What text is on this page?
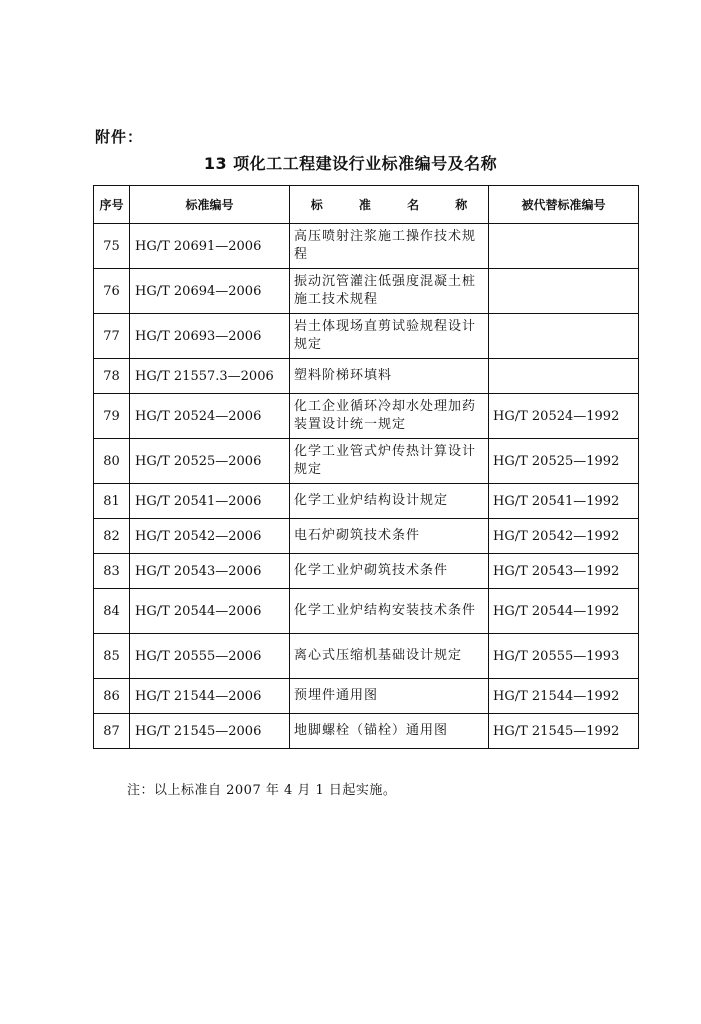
附件：
13 项化工工程建设行业标准编号及名称
序号	标准编号	标 准 名 称	被代替标准编号
75	HG/T 20691—2006	高压喷射注浆施工操作技术规程	
76	HG/T 20694—2006	振动沉管灌注低强度混凝土桩施工技术规程	
77	HG/T 20693—2006	岩土体现场直剪试验规程设计规定	
78	HG/T 21557.3—2006	塑料阶梯环填料	
79	HG/T 20524—2006	化工企业循环冷却水处理加药装置设计统一规定	HG/T 20524—1992
80	HG/T 20525—2006	化学工业管式炉传热计算设计规定	HG/T 20525—1992
81	HG/T 20541—2006	化学工业炉结构设计规定	HG/T 20541—1992
82	HG/T 20542—2006	电石炉砌筑技术条件	HG/T 20542—1992
83	HG/T 20543—2006	化学工业炉砌筑技术条件	HG/T 20543—1992
84	HG/T 20544—2006	化学工业炉结构安装技术条件	HG/T 20544—1992
85	HG/T 20555—2006	离心式压缩机基础设计规定	HG/T 20555—1993
86	HG/T 21544—2006	预埋件通用图	HG/T 21544—1992
87	HG/T 21545—2006	地脚螺栓（锚栓）通用图	HG/T 21545—1992
注：以上标准自 2007 年 4 月 1 日起实施。
